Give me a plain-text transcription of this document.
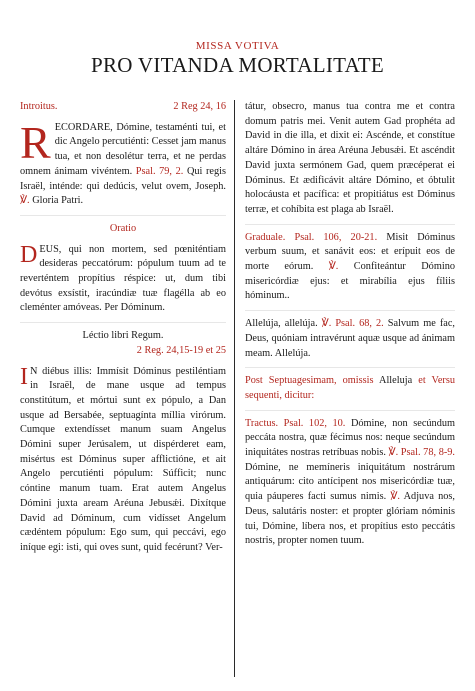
MISSA VOTIVA
PRO VITANDA MORTALITATE
Introitus.	2 Reg 24, 16

RECORDARE, Dómine, testaménti tui, et dic Angelo percutiénti: Cesset jam manus tua, et non desolétur terra, et ne perdas omnem ánimam vivéntem. Psal. 79, 2. Qui regis Israël, inténde: qui dedúcis, velut ovem, Joseph. ℣. Gloria Patri.

Oratio

DEUS, qui non mortem, sed pœniténtiam desideras peccatórum: pópulum tuum ad te reverténtem propítius réspice: ut, dum tibi devótus exsístit, iracúndiæ tuæ flagélla ab eo cleménter amóveas. Per Dóminum.

Léctio libri Regum.
2 Reg. 24,15-19 et 25

I N diébus illis: Immísit Dóminus pestiléntiam in Israël, de mane usque ad tempus constitútum, et mórtui sunt ex pópulo, a Dan usque ad Bersabée, septuagínta míllia virórum. Cumque extendísset manum suam Angelus Dómini super Jerúsalem, ut dispérderet eam, misértus est Dóminus super afflictióne, et ait Angelo percutiénti pópulum: Súfficit; nunc cóntine manum tuam. Erat autem Angelus Dómini juxta aream Aréuna Jebusǽi. Dixítque David ad Dóminum, cum vidísset Angelum cædéntem pópulum: Ego sum, qui peccávi, ego iníque egi: isti, qui oves sunt, quid fecérunt? Ver-

tátur, obsecro, manus tua contra me et contra domum patris mei. Venit autem Gad prophéta ad David in die illa, et dixit ei: Ascénde, et constítue altáre Dómino in área Aréuna Jebusǽi. Et ascéndit David juxta sermónem Gad, quem præcéperat ei Dóminus. Et ædificávit altáre Dómino, et óbtulit holocáusta et pacífica: et propitiátus est Dóminus terræ, et cohíbita est plaga ab Israël.

Graduale. Psal. 106, 20-21. Misit Dóminus verbum suum, et sanávit eos: et erípuit eos de morte eórum. ℣. Confiteántur Dómino misericórdiæ ejus: et mirabília ejus fíliis hóminum..

Allelúja, allelúja. ℣. Psal. 68, 2. Salvum me fac, Deus, quóniam intravérunt aquæ usque ad ánimam meam. Allelúja.

Post Septuagesimam, omissis Alleluja et Versu sequenti, dicitur:

Tractus. Psal. 102, 10. Dómine, non secúndum peccáta nostra, quæ fécimus nos: neque secúndum iniquitátes nostras retríbuas nobis. ℣. Psal. 78, 8-9. Dómine, ne memíneris iniquitátum nostrárum antiquárum: cito antícipent nos misericórdiæ tuæ, quia páuperes facti sumus nimis. ℣. Adjuva nos, Deus, salutáris noster: et propter glóriam nóminis tui, Dómine, líbera nos, et propítius esto peccátis nostris, propter nomen tuum.
